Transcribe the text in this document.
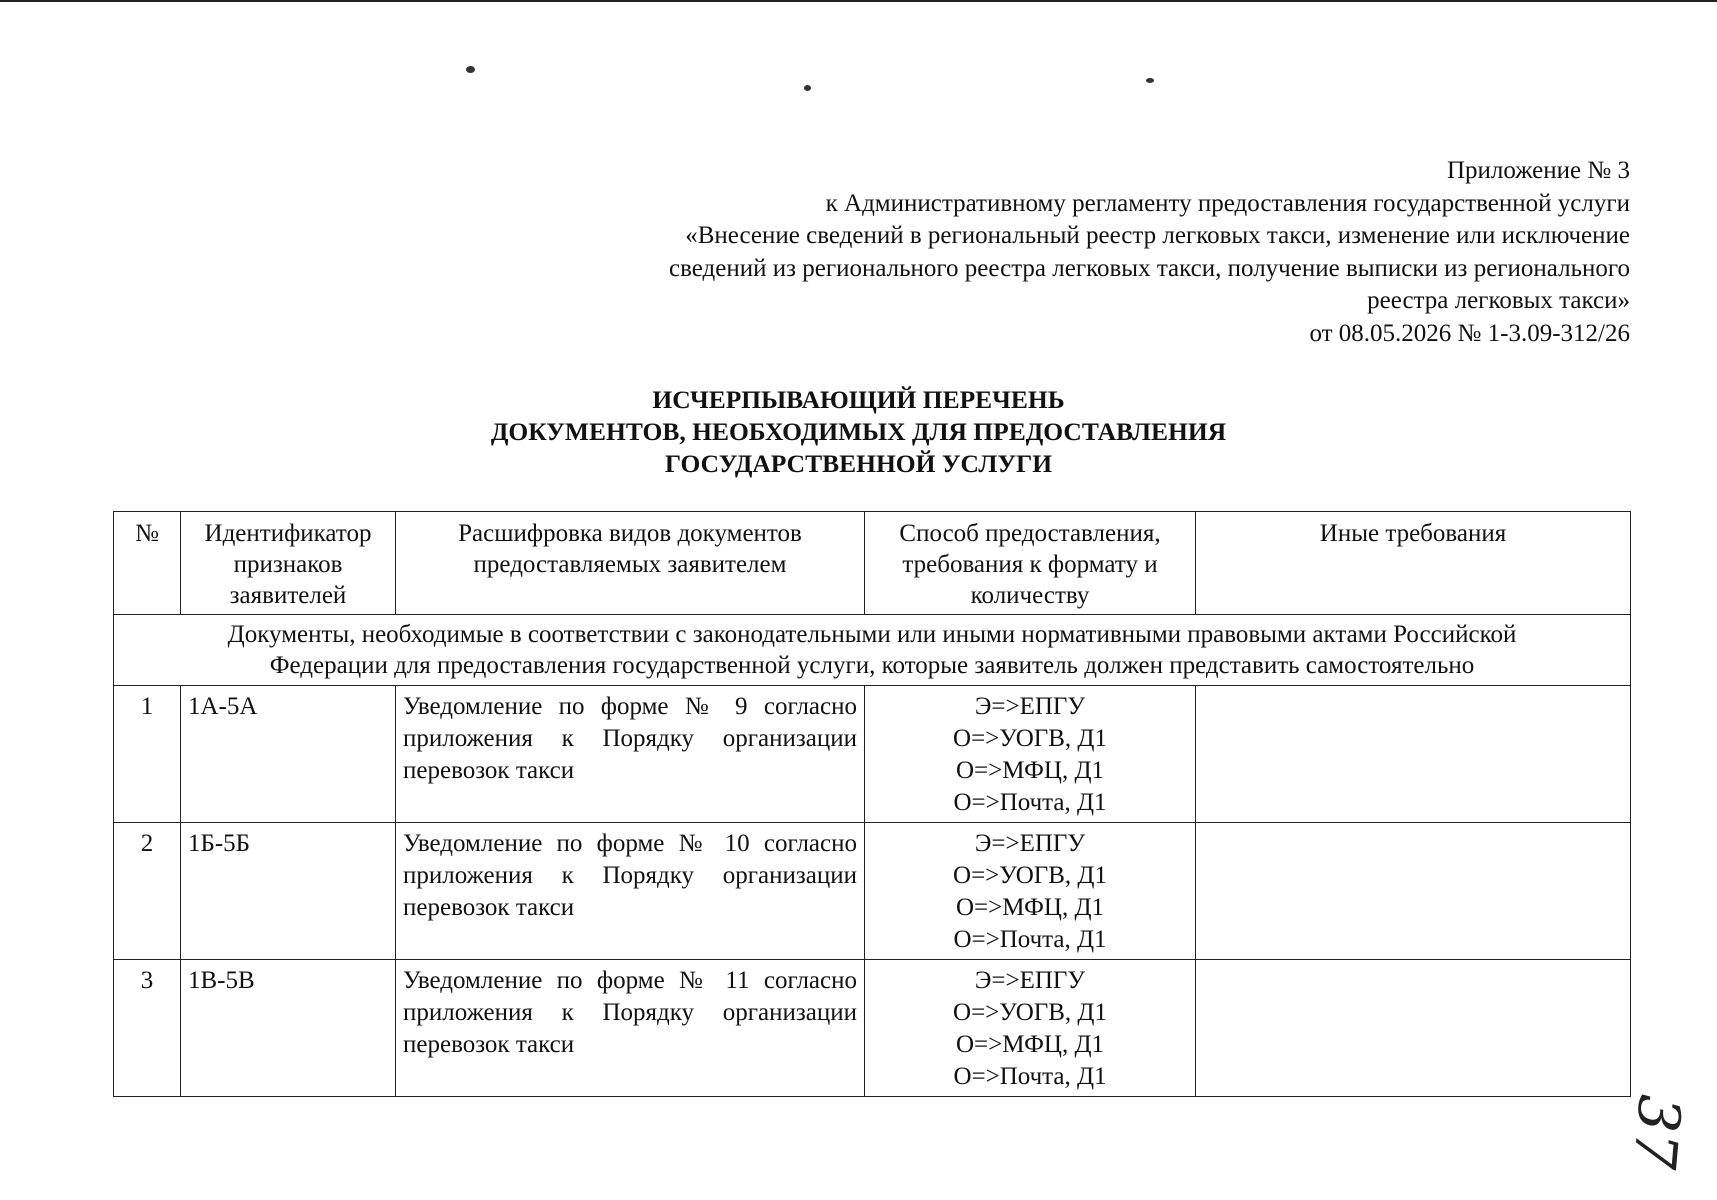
Приложение № 3
к Административному регламенту предоставления государственной услуги
«Внесение сведений в региональный реестр легковых такси, изменение или исключение сведений из регионального реестра легковых такси, получение выписки из регионального реестра легковых такси»
от 08.05.2026 № 1-3.09-312/26
ИСЧЕРПЫВАЮЩИЙ ПЕРЕЧЕНЬ
ДОКУМЕНТОВ, НЕОБХОДИМЫХ ДЛЯ ПРЕДОСТАВЛЕНИЯ
ГОСУДАРСТВЕННОЙ УСЛУГИ
№	Идентификатор признаков заявителей	Расшифровка видов документов предоставляемых заявителем	Способ предоставления, требования к формату и количеству	Иные требования

Документы, необходимые в соответствии с законодательными или иными нормативными правовыми актами Российской
Федерации для предоставления государственной услуги, которые заявитель должен представить самостоятельно				

1	1А-5А	Уведомление по форме № 9 согласно приложения к Порядку организации перевозок такси	Э=>ЕПГУ
О=>УОГВ, Д1
О=>МФЦ, Д1
О=>Почта, Д1	

2	1Б-5Б	Уведомление по форме № 10 согласно приложения к Порядку организации перевозок такси	Э=>ЕПГУ
О=>УОГВ, Д1
О=>МФЦ, Д1
О=>Почта, Д1	

3	1В-5В	Уведомление по форме № 11 согласно приложения к Порядку организации перевозок такси	Э=>ЕПГУ
О=>УОГВ, Д1
О=>МФЦ, Д1
О=>Почта, Д1	

37
